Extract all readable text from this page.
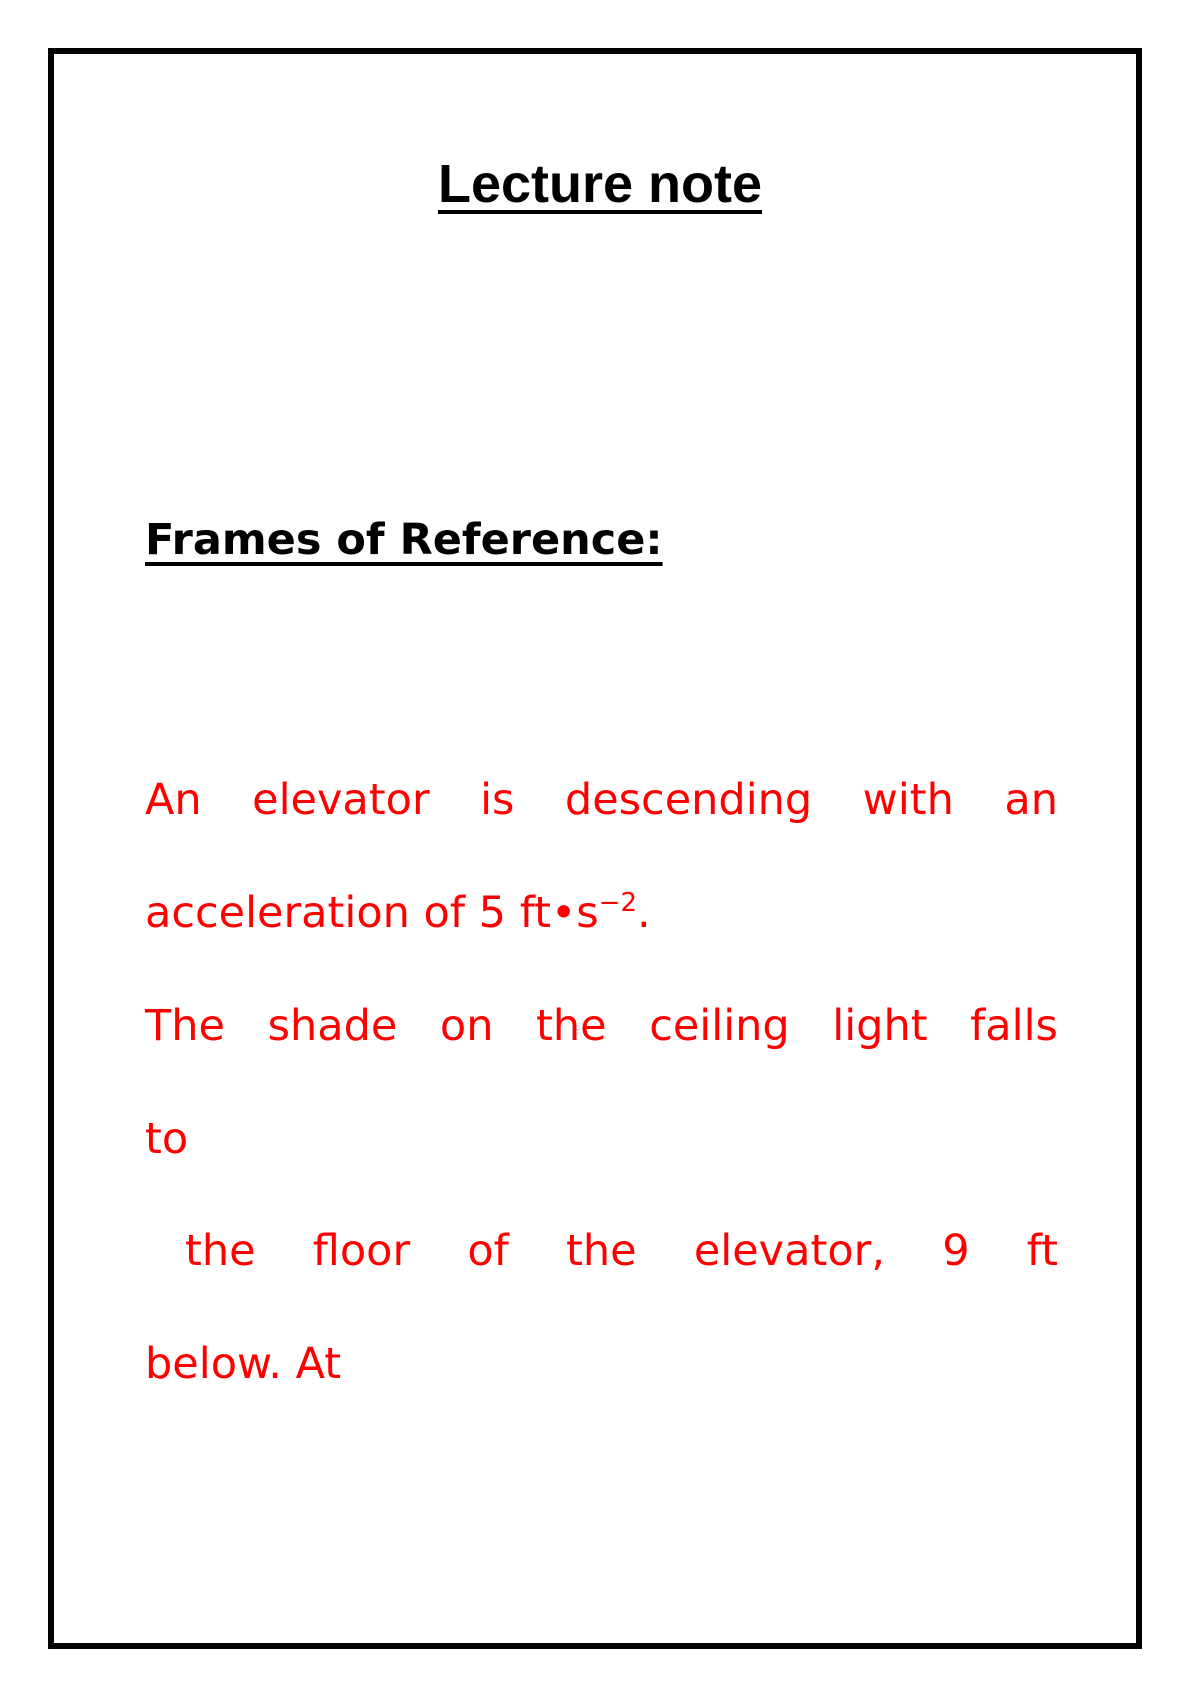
Lecture note
Frames of Reference:
An elevator is descending with an
acceleration of 5 $ft•s^{-2}$.
The shade on the ceiling light falls
to
the floor of the elevator, 9 ft
below. At
